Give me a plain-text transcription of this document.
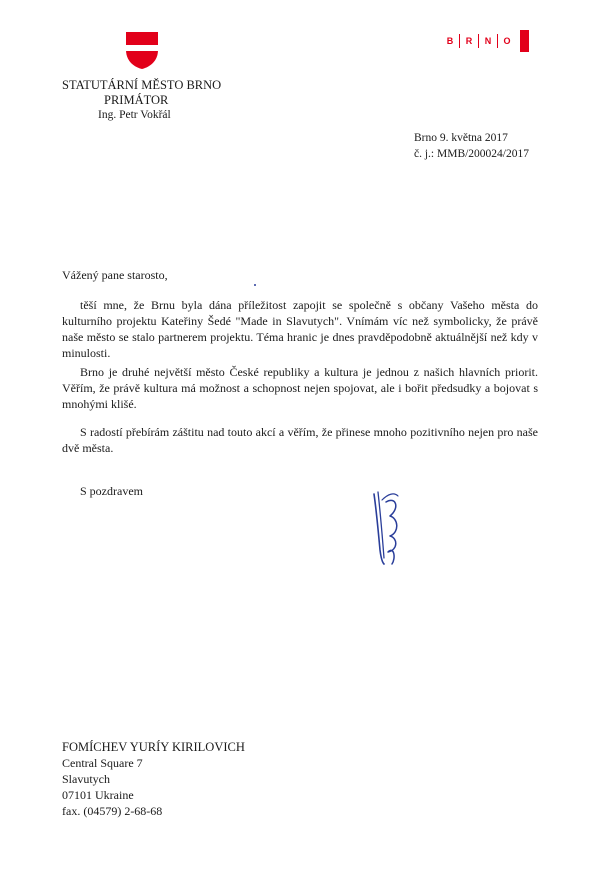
B	R	N	O
STATUTÁRNÍ MĚSTO BRNO
PRIMÁTOR
Ing. Petr Vokřál
Brno 9. května 2017
č. j.: MMB/200024/2017
Vážený pane starosto,
těší mne, že Brnu byla dána příležitost zapojit se společně s občany Vašeho města do kulturního projektu Kateřiny Šedé "Made in Slavutych". Vnímám víc než symbolicky, že právě naše město se stalo partnerem projektu. Téma hranic je dnes pravděpodobně aktuálnější než kdy v minulosti.
Brno je druhé největší město České republiky a kultura je jednou z našich hlavních priorit. Věřím, že právě kultura má možnost a schopnost nejen spojovat, ale i bořit předsudky a bojovat s mnohými klišé.
S radostí přebírám záštitu nad touto akcí a věřím, že přinese mnoho pozitivního nejen pro naše dvě města.
S pozdravem
FOMÍCHEV YURÍY KIRILOVICH
Central Square 7
Slavutych
07101 Ukraine
fax. (04579) 2-68-68
